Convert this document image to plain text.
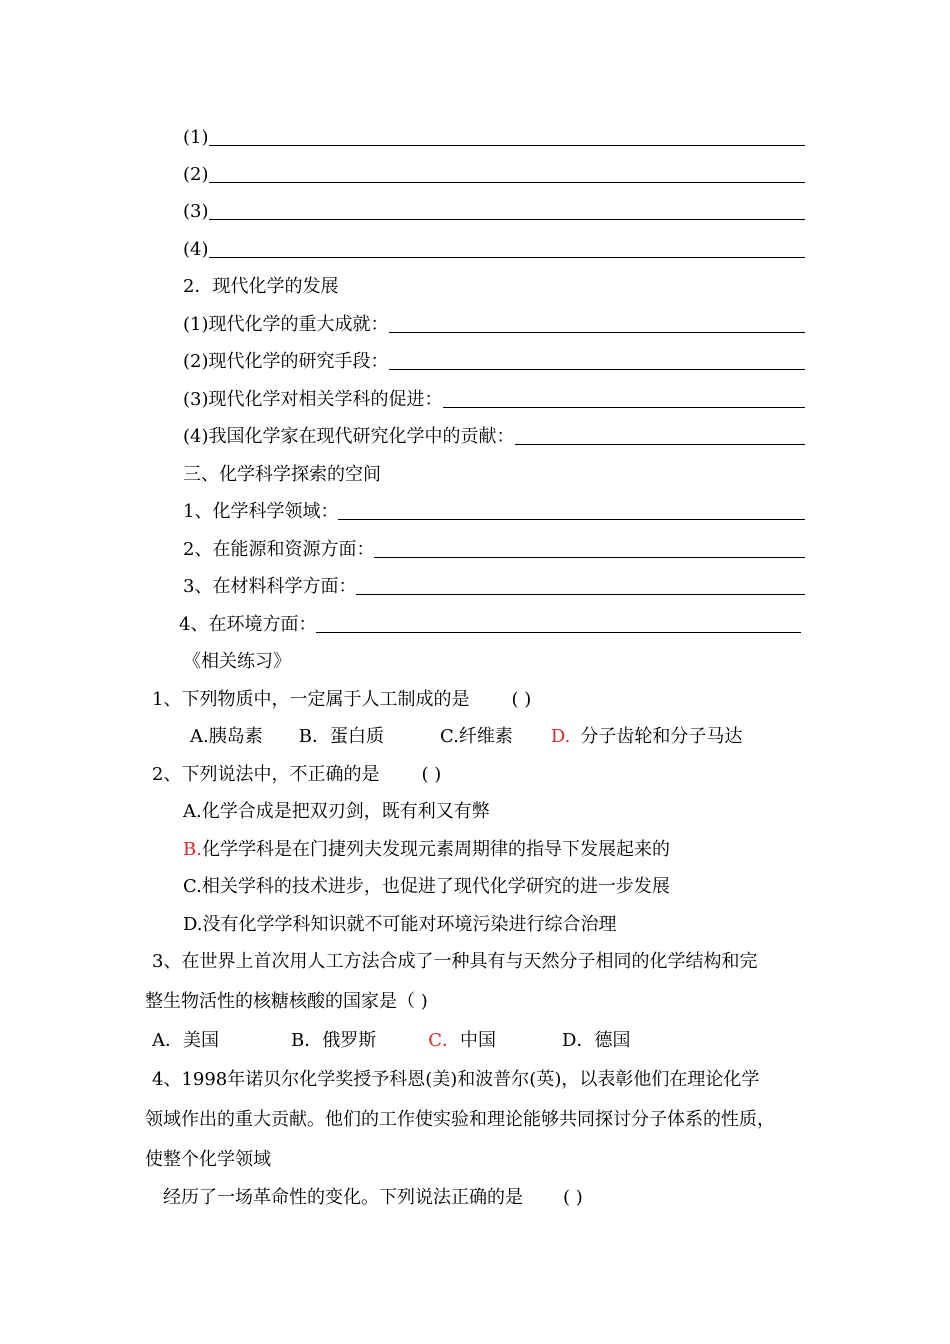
(1)
(2)
(3)
(4)
2．现代化学的发展
(1)现代化学的重大成就：
(2)现代化学的研究手段：
(3)现代化学对相关学科的促进：
(4)我国化学家在现代研究化学中的贡献：
三、化学科学探索的空间
1、化学科学领域：
2、在能源和资源方面：
3、在材料科学方面：
4、在环境方面：
《相关练习》
1、下列物质中，一定属于人工制成的是 ( )
A.胰岛素 B．蛋白质	C.纤维素 D. 分子齿轮和分子马达
2、下列说法中，不正确的是 ( )
A.化学合成是把双刃剑，既有利又有弊
B. 化学学科是在门捷列夫发现元素周期律的指导下发展起来的
C.相关学科的技术进步，也促进了现代化学研究的进一步发展
D.没有化学学科知识就不可能对环境污染进行综合治理
3、在世界上首次用人工方法合成了一种具有与天然分子相同的化学结构和完
整生物活性的核糖核酸的国家是（ )
A．美国	B．俄罗斯	C． 中国	D．德国
4、1998年诺贝尔化学奖授予科恩(美)和波普尔(英)，以表彰他们在理论化学
领域作出的重大贡献。他们的工作使实验和理论能够共同探讨分子体系的性质，
使整个化学领域
经历了一场革命性的变化。下列说法正确的是 ( )
